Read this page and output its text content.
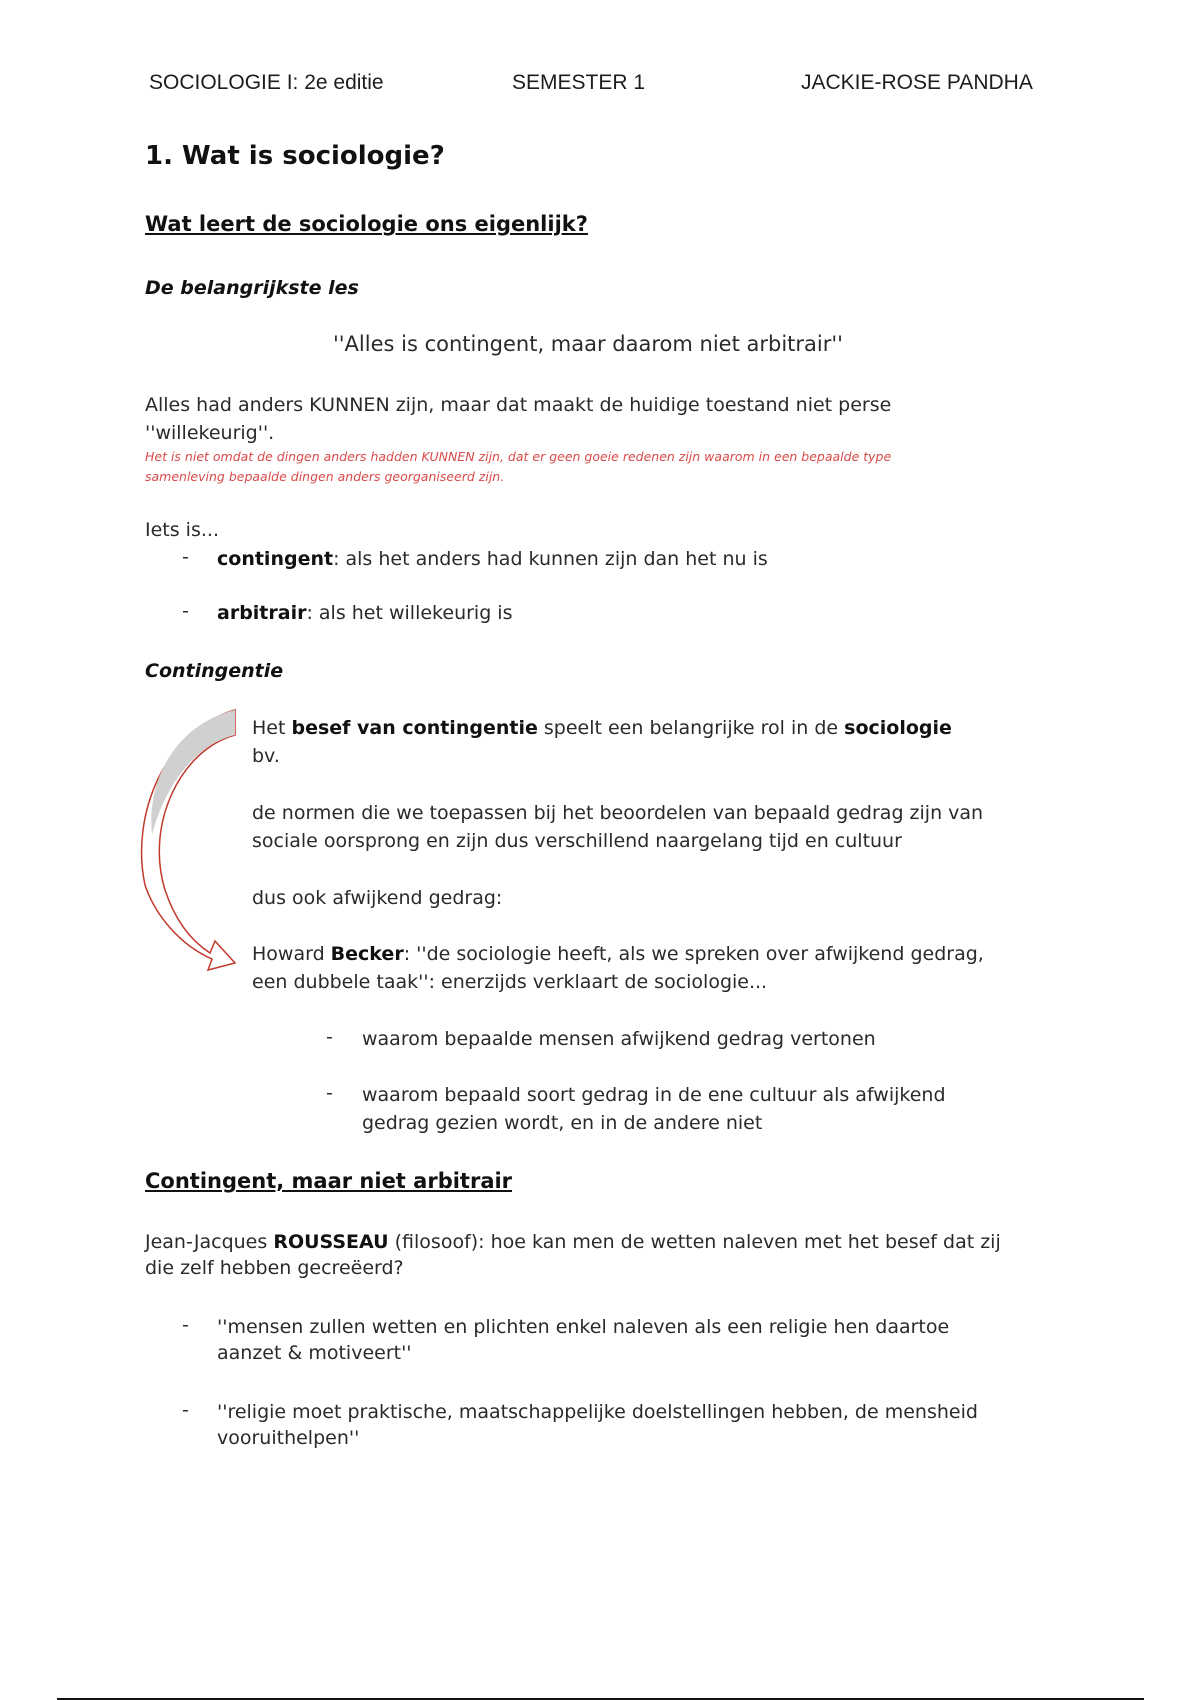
SOCIOLOGIE I: 2e editie	SEMESTER 1	JACKIE-ROSE PANDHA
1. Wat is sociologie?
Wat leert de sociologie ons eigenlijk?
De belangrijkste les
''Alles is contingent, maar daarom niet arbitrair''
Alles had anders KUNNEN zijn, maar dat maakt de huidige toestand niet perse
''willekeurig''.
Het is niet omdat de dingen anders hadden KUNNEN zijn, dat er geen goeie redenen zijn waarom in een bepaalde type
samenleving bepaalde dingen anders georganiseerd zijn.
Iets is...
- contingent: als het anders had kunnen zijn dan het nu is
- arbitrair: als het willekeurig is
Contingentie
Het besef van contingentie speelt een belangrijke rol in de sociologie
bv.
de normen die we toepassen bij het beoordelen van bepaald gedrag zijn van
sociale oorsprong en zijn dus verschillend naargelang tijd en cultuur
dus ook afwijkend gedrag:
Howard Becker: ''de sociologie heeft, als we spreken over afwijkend gedrag,
een dubbele taak'': enerzijds verklaart de sociologie...
- waarom bepaalde mensen afwijkend gedrag vertonen
- waarom bepaald soort gedrag in de ene cultuur als afwijkend
gedrag gezien wordt, en in de andere niet
Contingent, maar niet arbitrair
Jean-Jacques ROUSSEAU (filosoof): hoe kan men de wetten naleven met het besef dat zij
die zelf hebben gecreëerd?
- ''mensen zullen wetten en plichten enkel naleven als een religie hen daartoe
aanzet & motiveert''
- ''religie moet praktische, maatschappelijke doelstellingen hebben, de mensheid
vooruithelpen''
